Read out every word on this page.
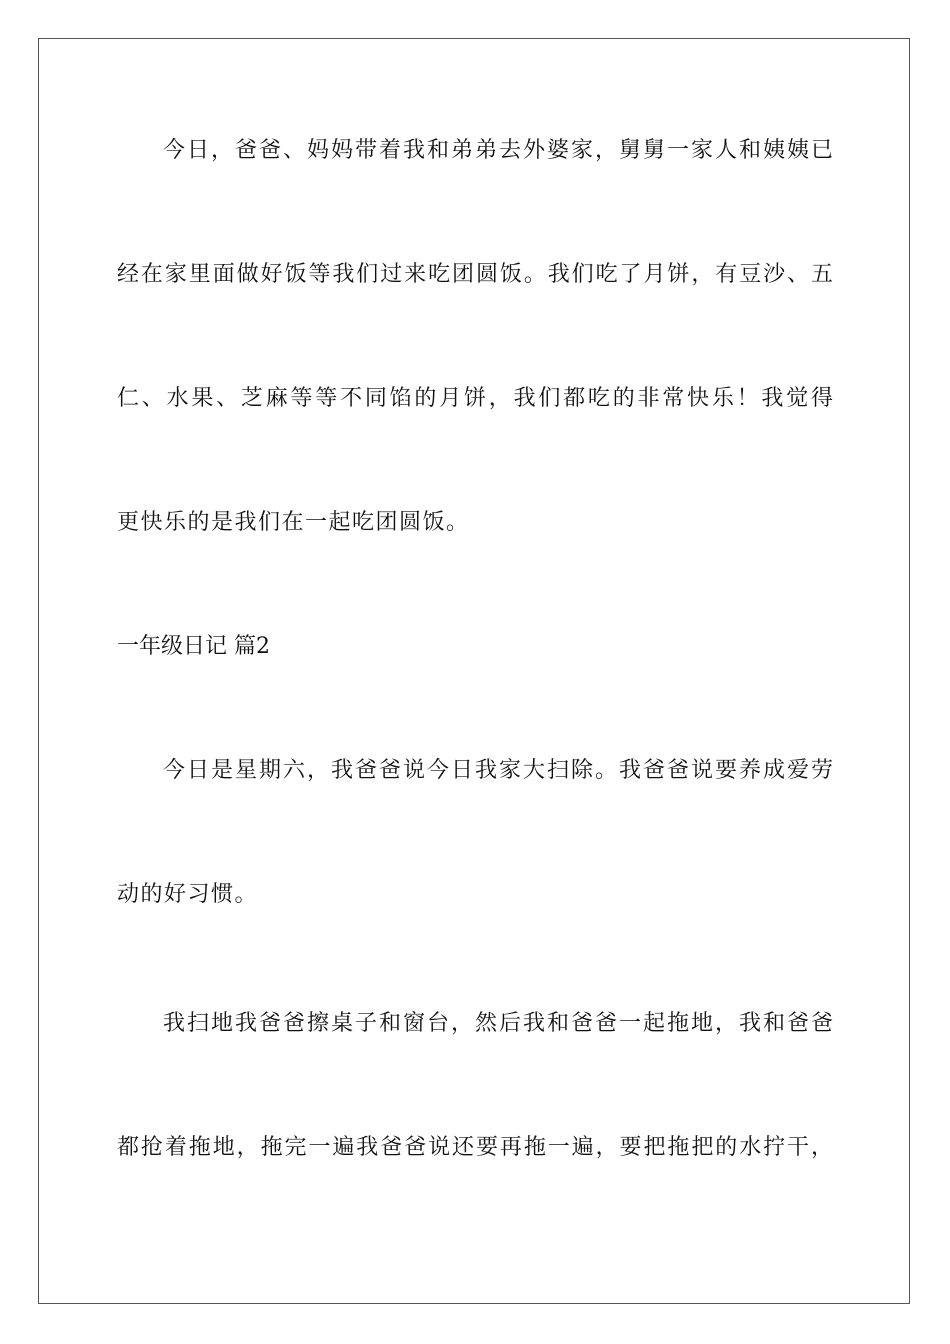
今日，爸爸、妈妈带着我和弟弟去外婆家，舅舅一家人和姨姨已
经在家里面做好饭等我们过来吃团圆饭。我们吃了月饼，有豆沙、五
仁、水果、芝麻等等不同馅的月饼，我们都吃的非常快乐！我觉得
更快乐的是我们在一起吃团圆饭。
一年级日记 篇2
今日是星期六，我爸爸说今日我家大扫除。我爸爸说要养成爱劳
动的好习惯。
我扫地我爸爸擦桌子和窗台，然后我和爸爸一起拖地，我和爸爸
都抢着拖地，拖完一遍我爸爸说还要再拖一遍，要把拖把的水拧干，
